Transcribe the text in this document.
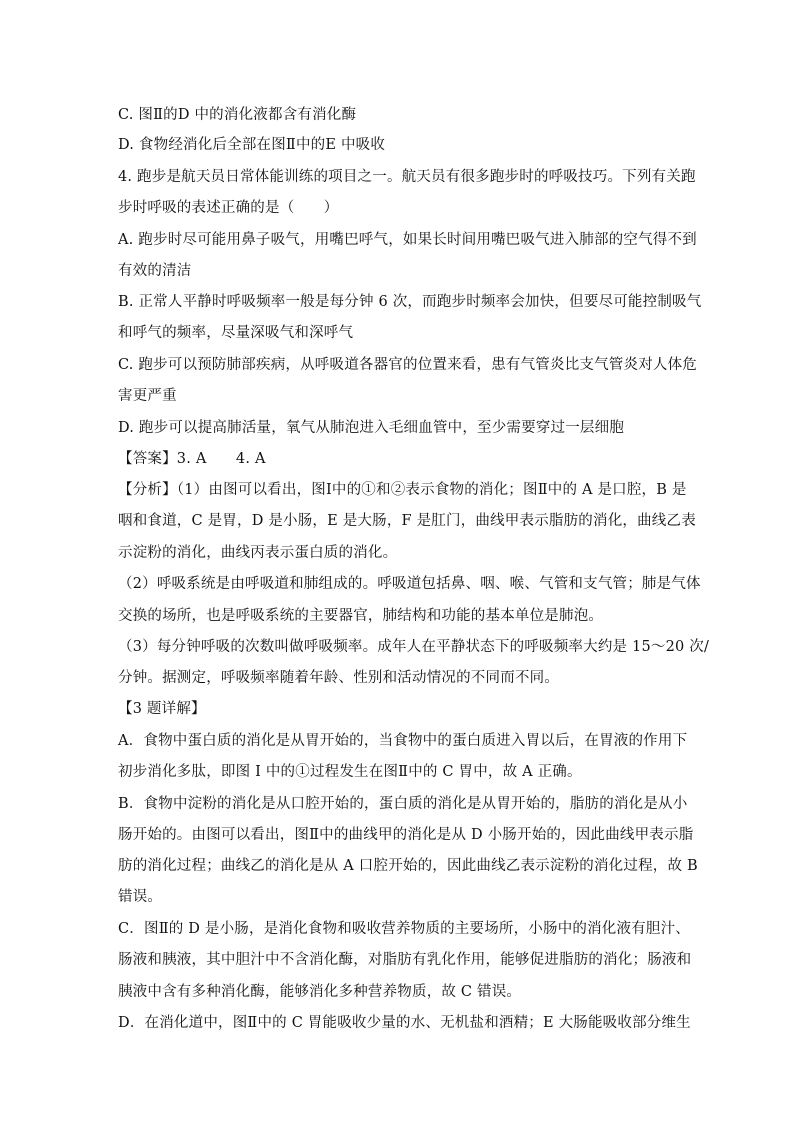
C. 图Ⅱ的D 中的消化液都含有消化酶
D. 食物经消化后全部在图Ⅱ中的E 中吸收
4. 跑步是航天员日常体能训练的项目之一。航天员有很多跑步时的呼吸技巧。下列有关跑
步时呼吸的表述正确的是（　　）
A. 跑步时尽可能用鼻子吸气，用嘴巴呼气，如果长时间用嘴巴吸气进入肺部的空气得不到
有效的清洁
B. 正常人平静时呼吸频率一般是每分钟 6 次，而跑步时频率会加快，但要尽可能控制吸气
和呼气的频率，尽量深吸气和深呼气
C. 跑步可以预防肺部疾病，从呼吸道各器官的位置来看，患有气管炎比支气管炎对人体危
害更严重
D. 跑步可以提高肺活量，氧气从肺泡进入毛细血管中，至少需要穿过一层细胞
【答案】3. A　　4. A
【分析】（1）由图可以看出，图Ⅰ中的①和②表示食物的消化；图Ⅱ中的 A 是口腔，B 是
咽和食道，C 是胃，D 是小肠，E 是大肠，F 是肛门，曲线甲表示脂肪的消化，曲线乙表
示淀粉的消化，曲线丙表示蛋白质的消化。
（2）呼吸系统是由呼吸道和肺组成的。呼吸道包括鼻、咽、喉、气管和支气管；肺是气体
交换的场所，也是呼吸系统的主要器官，肺结构和功能的基本单位是肺泡。
（3）每分钟呼吸的次数叫做呼吸频率。成年人在平静状态下的呼吸频率大约是 15～20 次/
分钟。据测定，呼吸频率随着年龄、性别和活动情况的不同而不同。
【3 题详解】
A．食物中蛋白质的消化是从胃开始的，当食物中的蛋白质进入胃以后，在胃液的作用下
初步消化多肽，即图 I 中的①过程发生在图Ⅱ中的 C 胃中，故 A 正确。
B．食物中淀粉的消化是从口腔开始的，蛋白质的消化是从胃开始的，脂肪的消化是从小
肠开始的。由图可以看出，图Ⅱ中的曲线甲的消化是从 D 小肠开始的，因此曲线甲表示脂
肪的消化过程；曲线乙的消化是从 A 口腔开始的，因此曲线乙表示淀粉的消化过程，故 B
错误。
C．图Ⅱ的 D 是小肠，是消化食物和吸收营养物质的主要场所，小肠中的消化液有胆汁、
肠液和胰液，其中胆汁中不含消化酶，对脂肪有乳化作用，能够促进脂肪的消化；肠液和
胰液中含有多种消化酶，能够消化多种营养物质，故 C 错误。
D．在消化道中，图Ⅱ中的 C 胃能吸收少量的水、无机盐和酒精；E 大肠能吸收部分维生
